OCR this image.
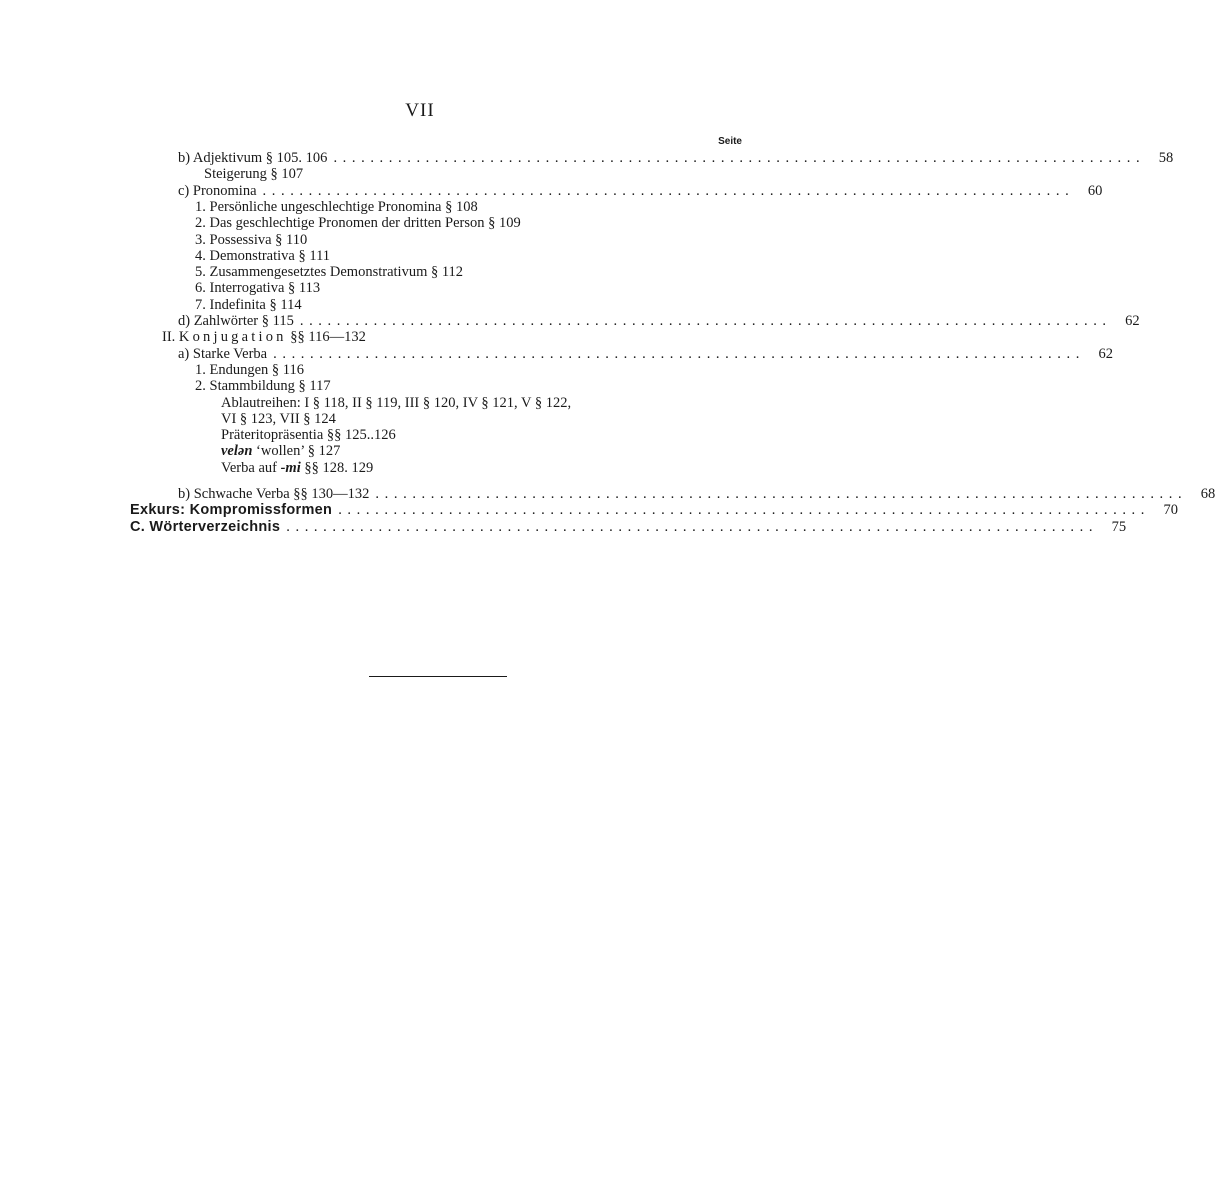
VII
Seite
b) Adjektivum § 105. 106 ........................................................................................ 58
Steigerung § 107
c) Pronomina ........................................................................................ 60
1. Persönliche ungeschlechtige Pronomina § 108
2. Das geschlechtige Pronomen der dritten Person § 109
3. Possessiva § 110
4. Demonstrativa § 111
5. Zusammengesetztes Demonstrativum § 112
6. Interrogativa § 113
7. Indefinita § 114
d) Zahlwörter § 115 ........................................................................................ 62
II. Konjugation §§ 116—132
a) Starke Verba ........................................................................................ 62
1. Endungen § 116
2. Stammbildung § 117
Ablautreihen: I § 118, II § 119, III § 120, IV § 121, V § 122,
VI § 123, VII § 124
Präteritopräsentia §§ 125..126
velən ‘wollen’ § 127
Verba auf -mi §§ 128. 129
b) Schwache Verba §§ 130—132 ........................................................................................ 68
Exkurs: Kompromissformen ........................................................................................ 70
C. Wörterverzeichnis ........................................................................................ 75
